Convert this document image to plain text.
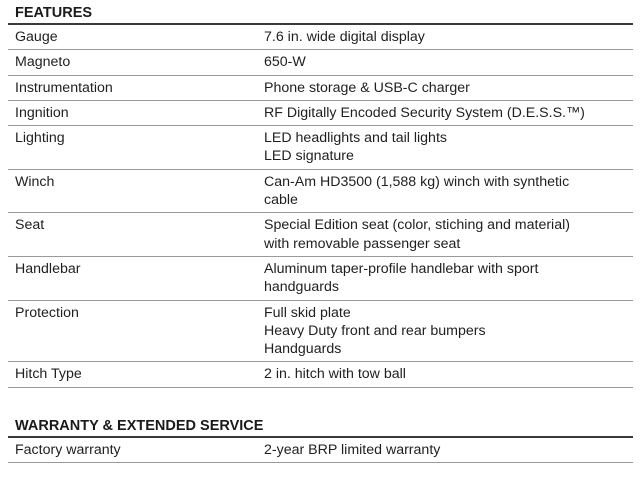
FEATURES
Gauge	7.6 in. wide digital display

Magneto	650-W

Instrumentation	Phone storage & USB-C charger

Ingnition	RF Digitally Encoded Security System (D.E.S.S.™)

Lighting	LED headlights and tail lights
LED signature

Winch	Can-Am HD3500 (1,588 kg) winch with synthetic
cable

Seat	Special Edition seat (color, stiching and material)
with removable passenger seat

Handlebar	Aluminum taper-profile handlebar with sport
handguards

Protection	Full skid plate
Heavy Duty front and rear bumpers
Handguards

Hitch Type	2 in. hitch with tow ball
WARRANTY & EXTENDED SERVICE
Factory warranty	2-year BRP limited warranty
